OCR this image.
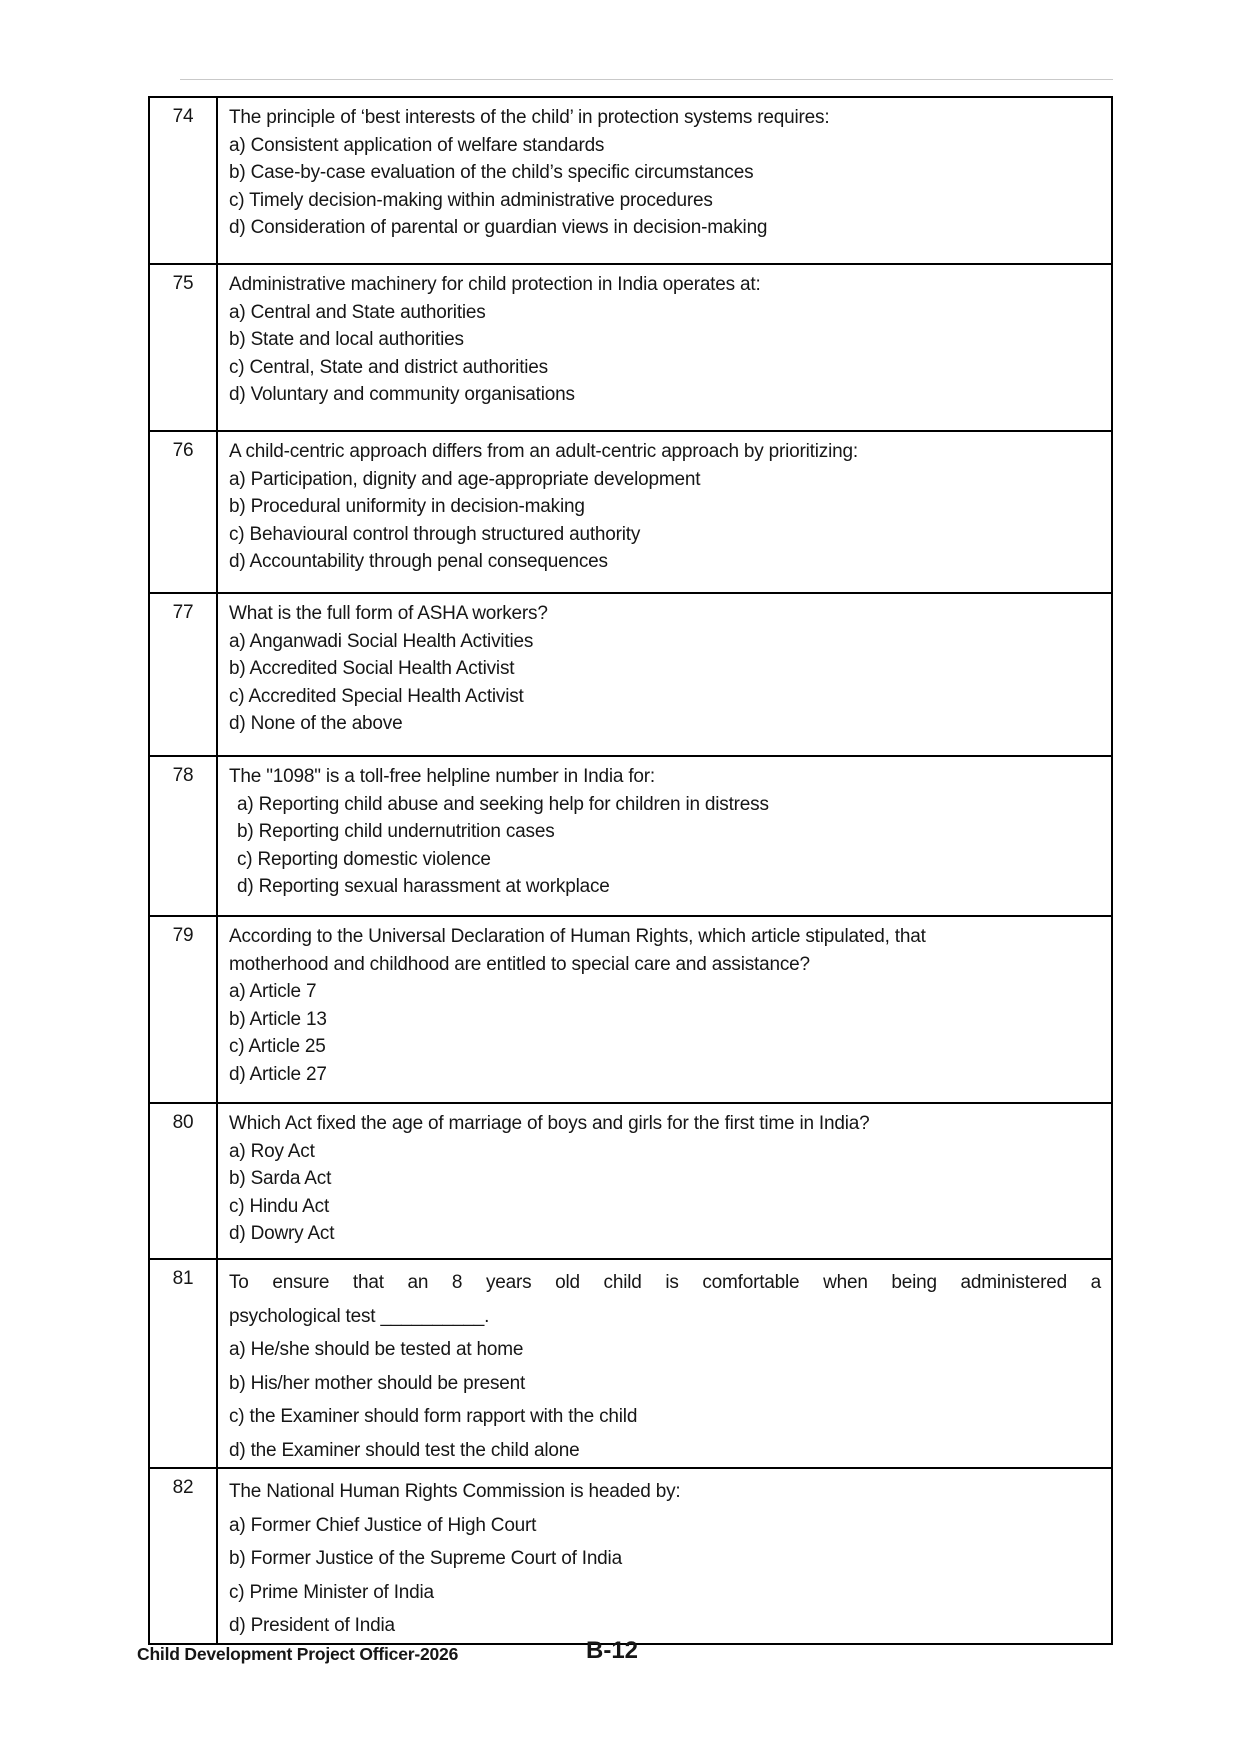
74	The principle of ‘best interests of the child’ in protection systems requires:
a) Consistent application of welfare standards
b) Case-by-case evaluation of the child’s specific circumstances
c) Timely decision-making within administrative procedures
d) Consideration of parental or guardian views in decision-making

75	Administrative machinery for child protection in India operates at:
a) Central and State authorities
b) State and local authorities
c) Central, State and district authorities
d) Voluntary and community organisations

76	A child-centric approach differs from an adult-centric approach by prioritizing:
a) Participation, dignity and age-appropriate development
b) Procedural uniformity in decision-making
c) Behavioural control through structured authority
d) Accountability through penal consequences

77	What is the full form of ASHA workers?
a) Anganwadi Social Health Activities
b) Accredited Social Health Activist
c) Accredited Special Health Activist
d) None of the above

78	The "1098" is a toll-free helpline number in India for:
a) Reporting child abuse and seeking help for children in distress
b) Reporting child undernutrition cases
c) Reporting domestic violence
d) Reporting sexual harassment at workplace

79	According to the Universal Declaration of Human Rights, which article stipulated, that
motherhood and childhood are entitled to special care and assistance?
a) Article 7
b) Article 13
c) Article 25
d) Article 27

80	Which Act fixed the age of marriage of boys and girls for the first time in India?
a) Roy Act
b) Sarda Act
c) Hindu Act
d) Dowry Act

81	To ensure that an 8 years old child is comfortable when being administered a
psychological test __________.
a) He/she should be tested at home
b) His/her mother should be present
c) the Examiner should form rapport with the child
d) the Examiner should test the child alone

82	The National Human Rights Commission is headed by:
a) Former Chief Justice of High Court
b) Former Justice of the Supreme Court of India
c) Prime Minister of India
d) President of India
Child Development Project Officer-2026	B-12
